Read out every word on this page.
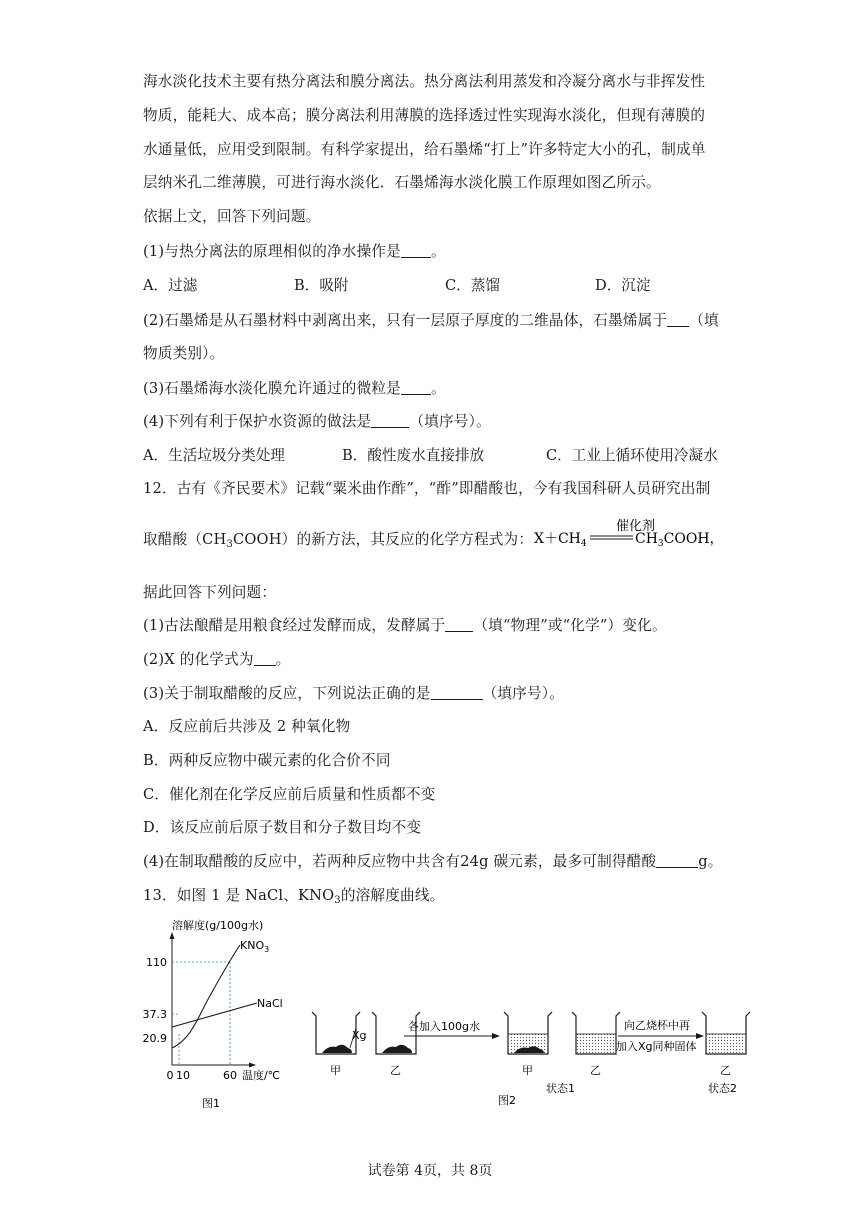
海水淡化技术主要有热分离法和膜分离法。热分离法利用蒸发和冷凝分离水与非挥发性
物质，能耗大、成本高；膜分离法利用薄膜的选择透过性实现海水淡化，但现有薄膜的
水通量低，应用受到限制。有科学家提出，给石墨烯“打上”许多特定大小的孔，制成单
层纳米孔二维薄膜，可进行海水淡化．石墨烯海水淡化膜工作原理如图乙所示。
依据上文，回答下列问题。
(1)与热分离法的原理相似的净水操作是 。
A．过滤	B．吸附	C．蒸馏	D．沉淀
(2)石墨烯是从石墨材料中剥离出来，只有一层原子厚度的二维晶体，石墨烯属于 （填
物质类别）。
(3)石墨烯海水淡化膜允许通过的微粒是 。
(4)下列有利于保护水资源的做法是	（填序号）。
A．生活垃圾分类处理	B．酸性废水直接排放	C．工业上循环使用冷凝水
12．古有《齐民要术》记载“粟米曲作酢”，“酢”即醋酸也，今有我国科研人员研究出制
取醋酸$(CH_3COOH)$的新方法，其反应的化学方程式为： $X+CH_4$
催化剂
$CH_3COOH$，
据此回答下列问题：
(1)古法酿醋是用粮食经过发酵而成，发酵属于 （填“物理”或“化学”）变化。
(2)X 的化学式为 。
(3)关于制取醋酸的反应，下列说法正确的是	（填序号）。
A．反应前后共涉及 2 种氧化物
B．两种反应物中碳元素的化合价不同
C．催化剂在化学反应前后质量和性质都不变
D．该反应前后原子数目和分子数目均不变
(4)在制取醋酸的反应中，若两种反应物中共含有24g 碳元素，最多可制得醋酸	g。
13．如图 1 是 NaCl、$KNO_3$的溶解度曲线。
溶解度(g/100g水)
$KNO_3$
NaCl
110
37.3
20.9
0 10	60 温度/℃
图1
甲	乙
Xg
各加入100g水
甲
状态1
乙
向乙烧杯中再
加入Xg同种固体
乙
状态2
图2
试卷第 4页，共 8页
